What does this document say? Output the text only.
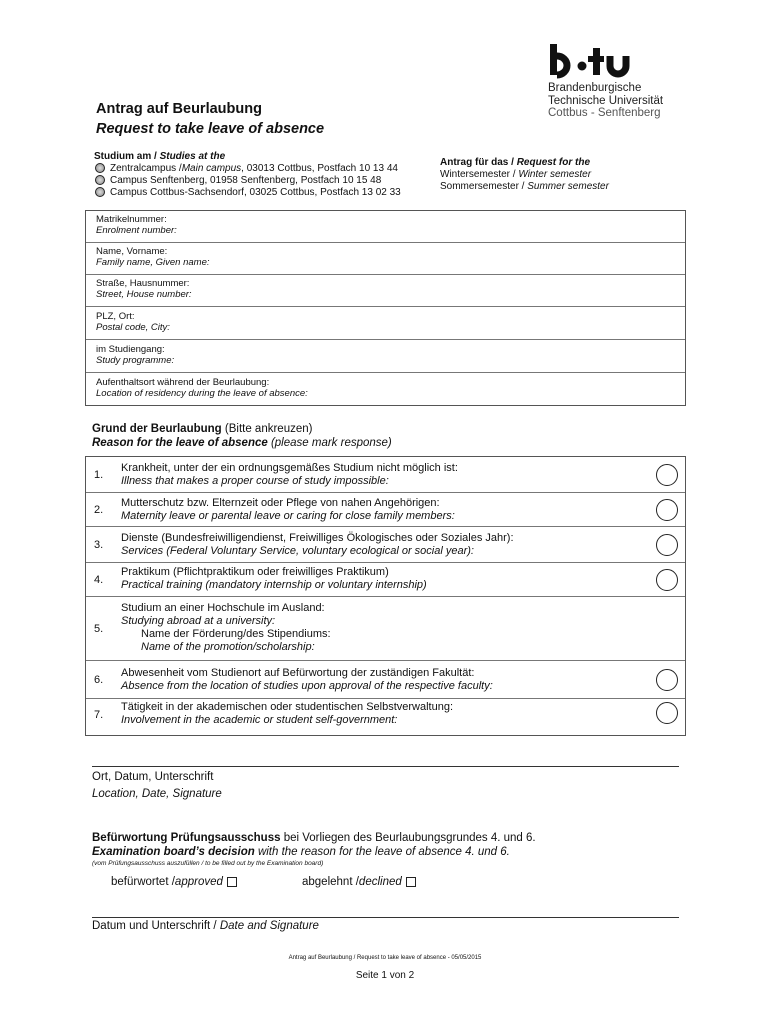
Brandenburgische
Technische Universität
Cottbus - Senftenberg
Antrag auf Beurlaubung
Request to take leave of absence
Studium am / Studies at the
Zentralcampus / Main campus , 03013 Cottbus, Postfach 10 13 44
Campus Senftenberg, 01958 Senftenberg, Postfach 10 15 48
Campus Cottbus-Sachsendorf, 03025 Cottbus, Postfach 13 02 33
Antrag für das / Request for the
Wintersemester / Winter semester
Sommersemester / Summer semester
Matrikelnummer:
Enrolment number:
Name, Vorname:
Family name, Given name:
Straße, Hausnummer:
Street, House number:
PLZ, Ort:
Postal code, City:
im Studiengang:
Study programme:
Aufenthaltsort während der Beurlaubung:
Location of residency during the leave of absence:
Grund der Beurlaubung (Bitte ankreuzen)
Reason for the leave of absence (please mark response)
1.
Krankheit, unter der ein ordnungsgemäßes Studium nicht möglich ist:
Illness that makes a proper course of study impossible:
2.
Mutterschutz bzw. Elternzeit oder Pflege von nahen Angehörigen:
Maternity leave or parental leave or caring for close family members:
3.
Dienste (Bundesfreiwilligendienst, Freiwilliges Ökologisches oder Soziales Jahr):
Services (Federal Voluntary Service, voluntary ecological or social year):
4.
Praktikum (Pflichtpraktikum oder freiwilliges Praktikum)
Practical training (mandatory internship or voluntary internship)
5.
Studium an einer Hochschule im Ausland:
Studying abroad at a university:
Name der Förderung/des Stipendiums:
Name of the promotion/scholarship:
6.
Abwesenheit vom Studienort auf Befürwortung der zuständigen Fakultät:
Absence from the location of studies upon approval of the respective faculty:
7.
Tätigkeit in der akademischen oder studentischen Selbstverwaltung:
Involvement in the academic or student self-government:
Ort, Datum, Unterschrift
Location, Date, Signature
Befürwortung Prüfungsausschuss bei Vorliegen des Beurlaubungsgrundes 4. und 6.
Examination board’s decision with the reason for the leave of absence 4. und 6.
(vom Prüfungsausschuss auszufüllen / to be filled out by the Examination board)
befürwortet / approved	abgelehnt / declined
Datum und Unterschrift / Date and Signature
Antrag auf Beurlaubung / Request to take leave of absence - 05/05/2015
Seite 1 von 2
